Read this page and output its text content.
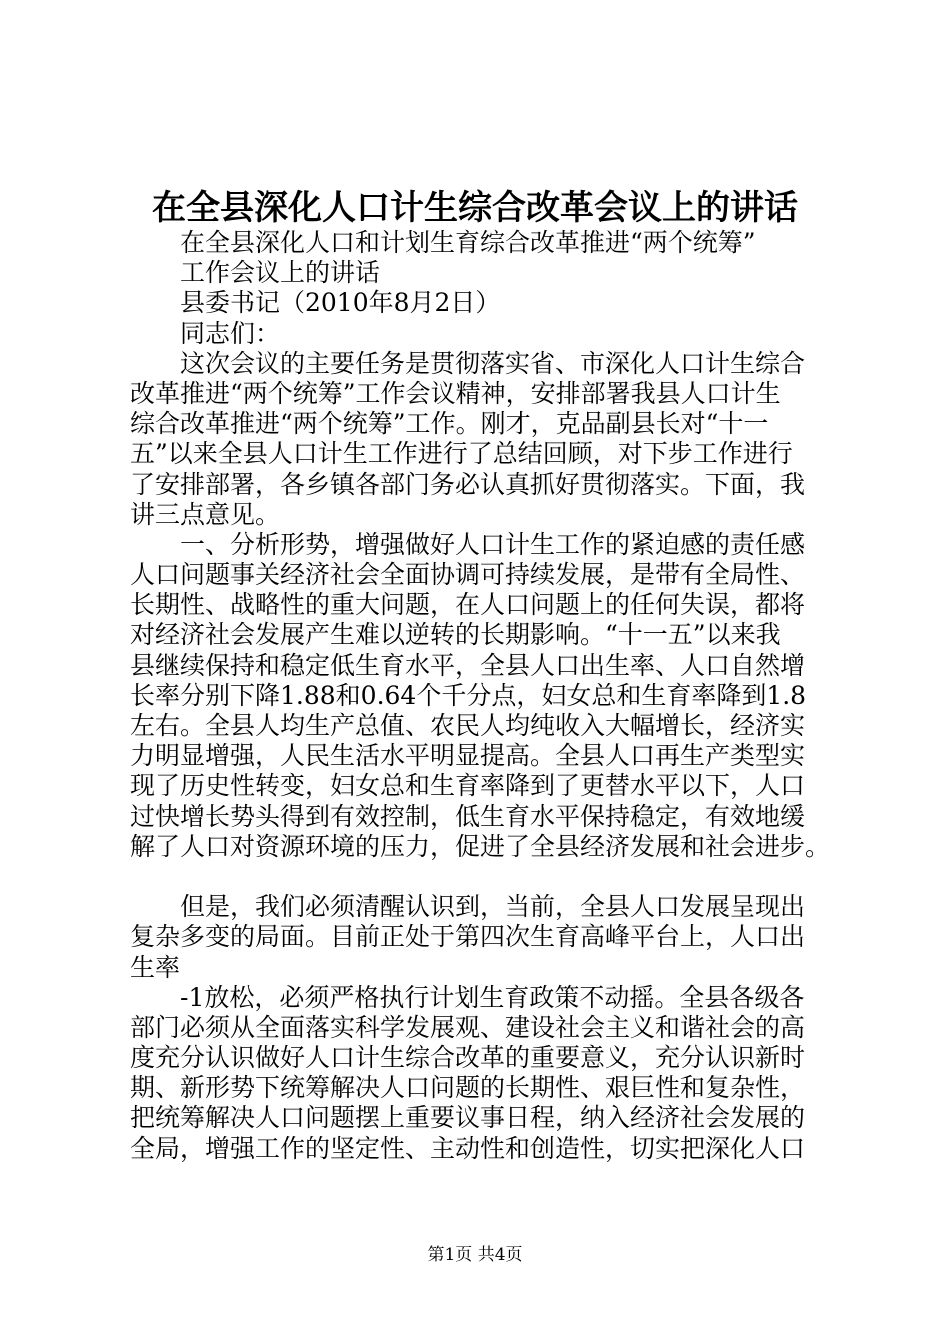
在全县深化人口计生综合改革会议上的讲话
在全县深化人口和计划生育综合改革推进“两个统筹”
工作会议上的讲话
县委书记（2010年8月2日）
同志们：
这次会议的主要任务是贯彻落实省、市深化人口计生综合
改革推进“两个统筹”工作会议精神，安排部署我县人口计生
综合改革推进“两个统筹”工作。刚才，克品副县长对“十一
五”以来全县人口计生工作进行了总结回顾，对下步工作进行
了安排部署，各乡镇各部门务必认真抓好贯彻落实。下面，我
讲三点意见。
一、分析形势，增强做好人口计生工作的紧迫感的责任感
人口问题事关经济社会全面协调可持续发展，是带有全局性、
长期性、战略性的重大问题，在人口问题上的任何失误，都将
对经济社会发展产生难以逆转的长期影响。“十一五”以来我
县继续保持和稳定低生育水平，全县人口出生率、人口自然增
长率分别下降1.88和0.64个千分点，妇女总和生育率降到1.8
左右。全县人均生产总值、农民人均纯收入大幅增长，经济实
力明显增强，人民生活水平明显提高。全县人口再生产类型实
现了历史性转变，妇女总和生育率降到了更替水平以下，人口
过快增长势头得到有效控制，低生育水平保持稳定，有效地缓
解了人口对资源环境的压力，促进了全县经济发展和社会进步。
但是，我们必须清醒认识到，当前，全县人口发展呈现出
复杂多变的局面。目前正处于第四次生育高峰平台上，人口出
生率
-1放松，必须严格执行计划生育政策不动摇。全县各级各
部门必须从全面落实科学发展观、建设社会主义和谐社会的高
度充分认识做好人口计生综合改革的重要意义，充分认识新时
期、新形势下统筹解决人口问题的长期性、艰巨性和复杂性，
把统筹解决人口问题摆上重要议事日程，纳入经济社会发展的
全局，增强工作的坚定性、主动性和创造性，切实把深化人口
第1页 共4页
